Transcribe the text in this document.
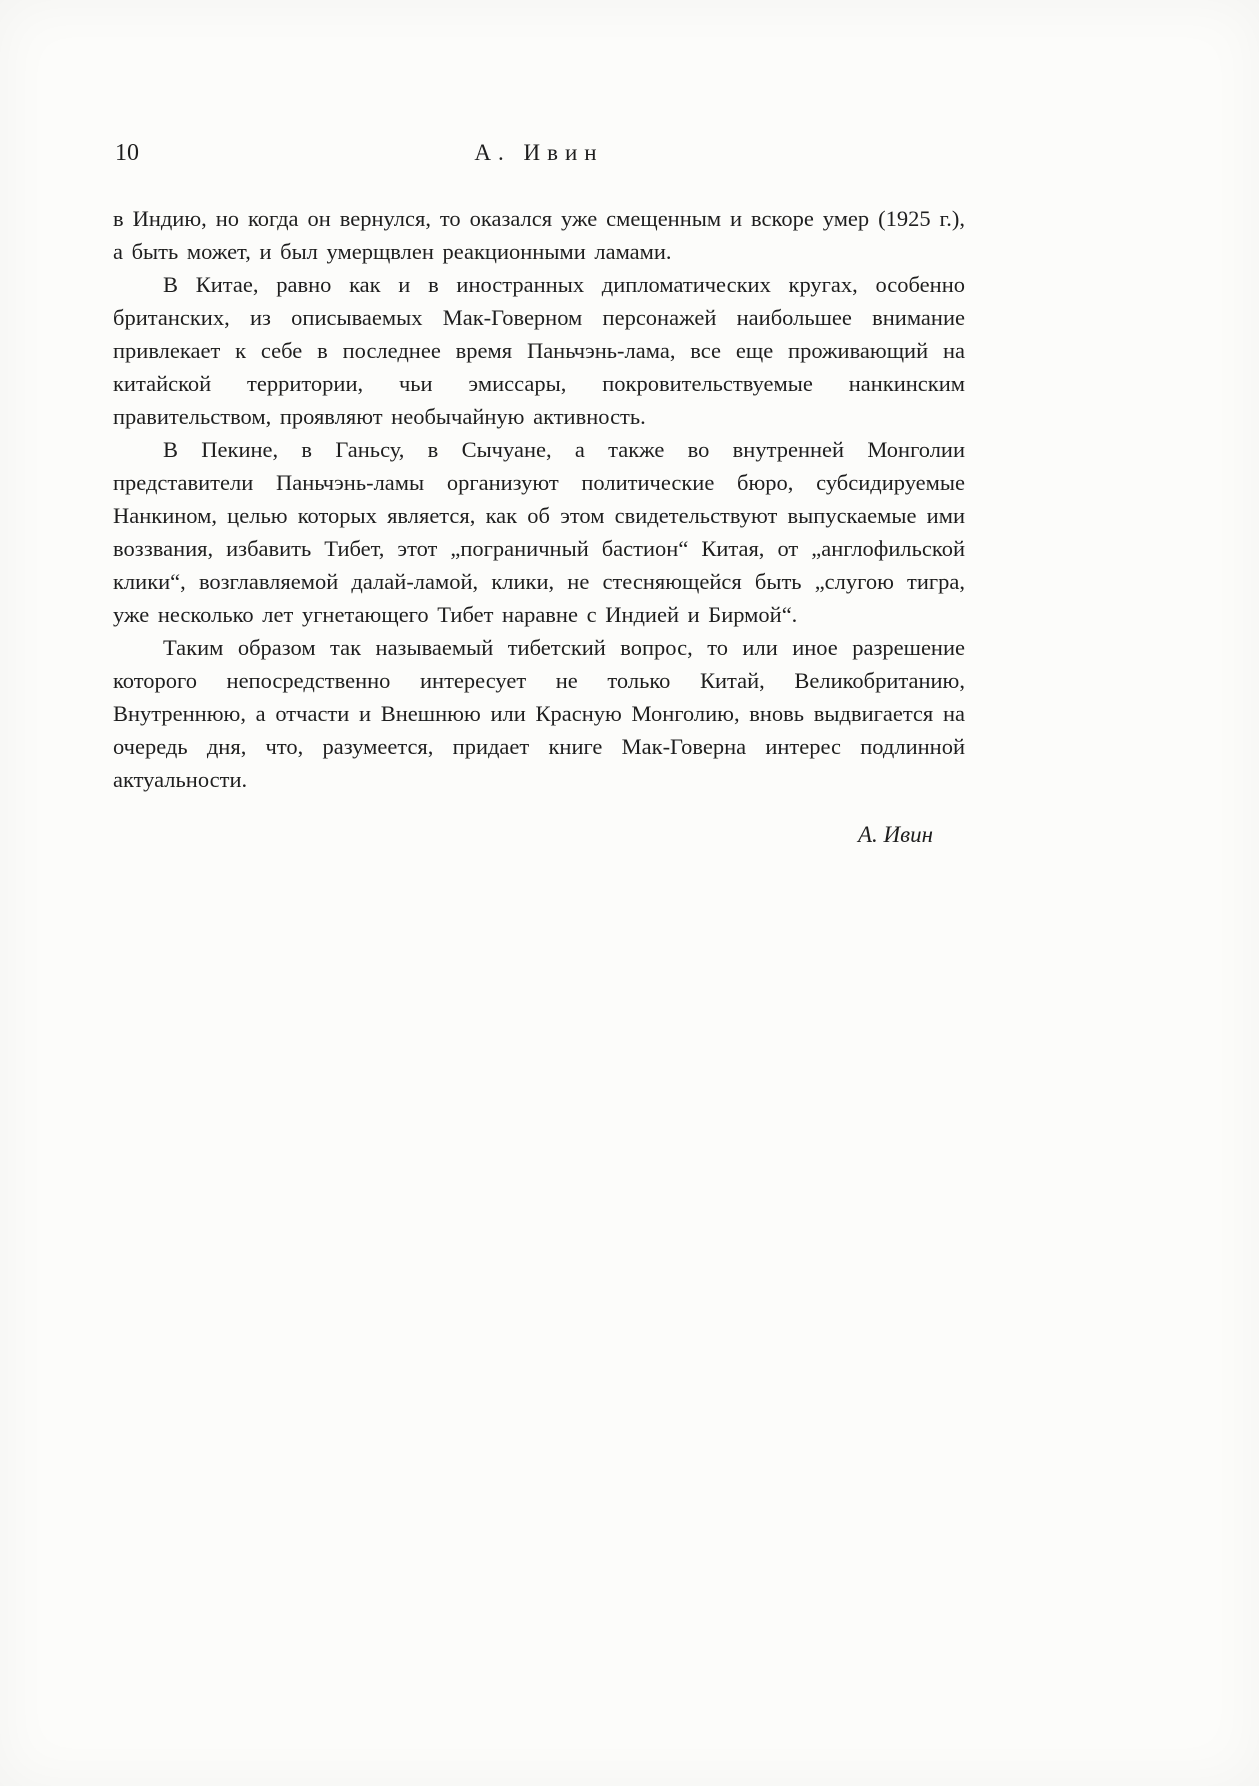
10	А. Ивин

в Индию, но когда он вернулся, то оказался уже смещенным и вскоре умер (1925 г.), а быть может, и был умерщвлен реакционными ламами.

В Китае, равно как и в иностранных дипломатических кругах, особенно британских, из описываемых Мак-Говерном персонажей наибольшее внимание привлекает к себе в последнее время Паньчэнь-лама, все еще проживающий на китайской территории, чьи эмиссары, покровительствуемые нанкинским правительством, проявляют необычайную активность.

В Пекине, в Ганьсу, в Сычуане, а также во внутренней Монголии представители Паньчэнь-ламы организуют политические бюро, субсидируемые Нанкином, целью которых является, как об этом свидетельствуют выпускаемые ими воззвания, избавить Тибет, этот „пограничный бастион“ Китая, от „англофильской клики“, возглавляемой далай-ламой, клики, не стесняющейся быть „слугою тигра, уже несколько лет угнетающего Тибет наравне с Индией и Бирмой“.

Таким образом так называемый тибетский вопрос, то или иное разрешение которого непосредственно интересует не только Китай, Великобританию, Внутреннюю, а отчасти и Внешнюю или Красную Монголию, вновь выдвигается на очередь дня, что, разумеется, придает книге Мак-Говерна интерес подлинной актуальности.

А. Ивин
